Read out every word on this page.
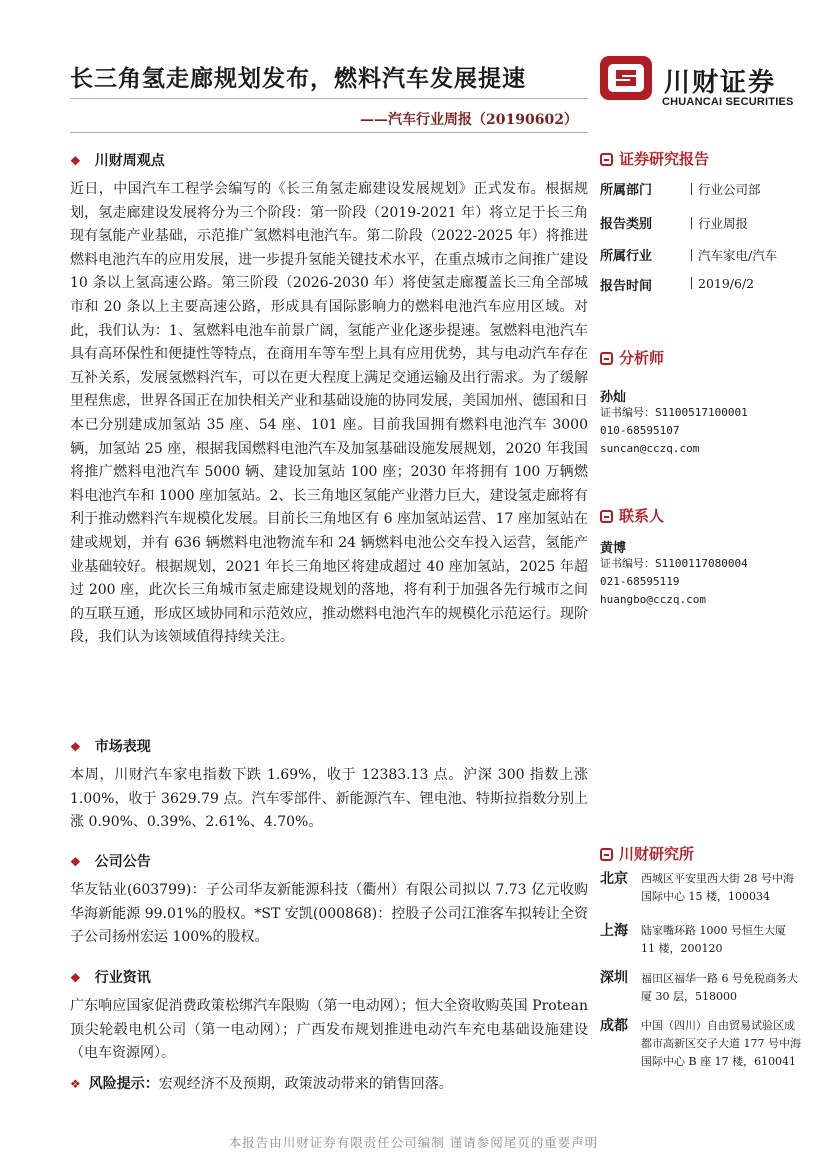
长三角氢走廊规划发布，燃料汽车发展提速
——汽车行业周报（20190602）
川财证券
CHUANCAI SECURITIES
❖ 川财周观点

近日，中国汽车工程学会编写的《长三角氢走廊建设发展规划》正式发布。根据规划，氢走廊建设发展将分为三个阶段：第一阶段（2019-2021 年）将立足于长三角现有氢能产业基础，示范推广氢燃料电池汽车。第二阶段（2022-2025 年）将推进燃料电池汽车的应用发展，进一步提升氢能关键技术水平，在重点城市之间推广建设 10 条以上氢高速公路。第三阶段（2026-2030 年）将使氢走廊覆盖长三角全部城市和 20 条以上主要高速公路，形成具有国际影响力的燃料电池汽车应用区域。对此，我们认为：1、氢燃料电池车前景广阔，氢能产业化逐步提速。氢燃料电池汽车具有高环保性和便捷性等特点，在商用车等车型上具有应用优势，其与电动汽车存在互补关系，发展氢燃料汽车，可以在更大程度上满足交通运输及出行需求。为了缓解里程焦虑，世界各国正在加快相关产业和基础设施的协同发展，美国加州、德国和日本已分别建成加氢站 35 座、54 座、101 座。目前我国拥有燃料电池汽车 3000 辆，加氢站 25 座，根据我国燃料电池汽车及加氢基础设施发展规划，2020 年我国将推广燃料电池汽车 5000 辆、建设加氢站 100 座；2030 年将拥有 100 万辆燃料电池汽车和 1000 座加氢站。2、长三角地区氢能产业潜力巨大，建设氢走廊将有利于推动燃料汽车规模化发展。目前长三角地区有 6 座加氢站运营、17 座加氢站在建或规划，并有 636 辆燃料电池物流车和 24 辆燃料电池公交车投入运营，氢能产业基础较好。根据规划，2021 年长三角地区将建成超过 40 座加氢站，2025 年超过 200 座，此次长三角城市氢走廊建设规划的落地，将有利于加强各先行城市之间的互联互通，形成区域协同和示范效应，推动燃料电池汽车的规模化示范运行。现阶段，我们认为该领域值得持续关注。

❖ 市场表现

本周，川财汽车家电指数下跌 1.69%，收于 12383.13 点。沪深 300 指数上涨 1.00%，收于 3629.79 点。汽车零部件、新能源汽车、锂电池、特斯拉指数分别上涨 0.90%、0.39%、2.61%、4.70%。

❖ 公司公告

华友钴业(603799)：子公司华友新能源科技（衢州）有限公司拟以 7.73 亿元收购华海新能源 99.01%的股权。*ST 安凯(000868)：控股子公司江淮客车拟转让全资子公司扬州宏运 100%的股权。

❖ 行业资讯

广东响应国家促消费政策松绑汽车限购（第一电动网）；恒大全资收购英国 Protean 顶尖轮毂电机公司（第一电动网）；广西发布规划推进电动汽车充电基础设施建设（电车资源网）。

❖ 风险提示：宏观经济不及预期，政策波动带来的销售回落。
证券研究报告
所属部门	行业公司部
报告类别	行业周报
所属行业	汽车家电/汽车
报告时间	2019/6/2
分析师
孙灿
证书编号：S1100517100001
010-68595107
suncan@cczq.com
联系人
黄博
证书编号：S1100117080004
021-68595119
huangbo@cczq.com
川财研究所
北京 西城区平安里西大街 28 号中海国际中心 15 楼，100034
上海 陆家嘴环路 1000 号恒生大厦 11 楼，200120
深圳 福田区福华一路 6 号免税商务大厦 30 层，518000
成都 中国（四川）自由贸易试验区成都市高新区交子大道 177 号中海国际中心 B 座 17 楼，610041
本报告由川财证券有限责任公司编制 谨请参阅尾页的重要声明
